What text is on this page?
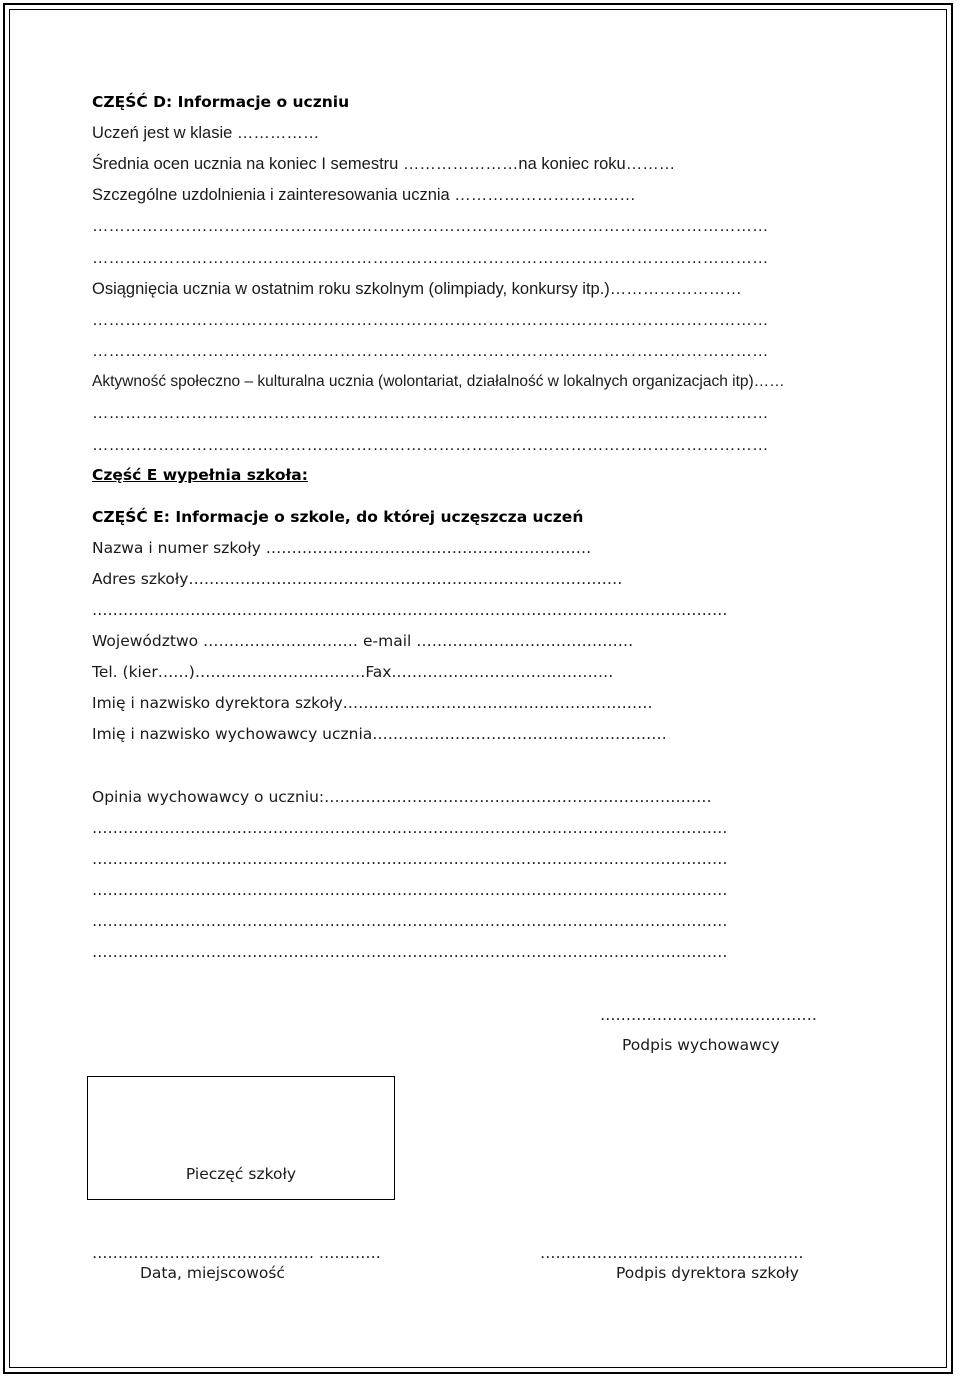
CZĘŚĆ D: Informacje o uczniu
Uczeń jest w klasie ……………
Średnia ocen ucznia na koniec I semestru …………………na koniec roku………
Szczególne uzdolnienia i zainteresowania ucznia ……………………………
……………………………………………………………………………………………………………
……………………………………………………………………………………………………………
Osiągnięcia ucznia w ostatnim roku szkolnym (olimpiady, konkursy itp.)……………………
……………………………………………………………………………………………………………
……………………………………………………………………………………………………………
Aktywność społeczno – kulturalna ucznia (wolontariat, działalność w lokalnych organizacjach itp)……
……………………………………………………………………………………………………………
……………………………………………………………………………………………………………
Część E wypełnia szkoła:
CZĘŚĆ E: Informacje o szkole, do której uczęszcza uczeń
Nazwa i numer szkoły ………………………………………………………
Adres szkoły…………………………………………………………………………
……………………………………………………………………………………………………………
Województwo ………………………… e-mail ……………………………………
Tel. (kier……)……………………………Fax.……………………………………
Imię i nazwisko dyrektora szkoły……………………………………………………
Imię i nazwisko wychowawcy ucznia…………………………………………………
Opinia wychowawcy o uczniu:…………………………………………………………………
……………………………………………………………………………………………………………
……………………………………………………………………………………………………………
……………………………………………………………………………………………………………
……………………………………………………………………………………………………………
……………………………………………………………………………………………………………
……………………………………
Podpis wychowawcy
Pieczęć szkoły
……………………………………. …………
Data, miejscowość
……………………………………………
Podpis dyrektora szkoły
